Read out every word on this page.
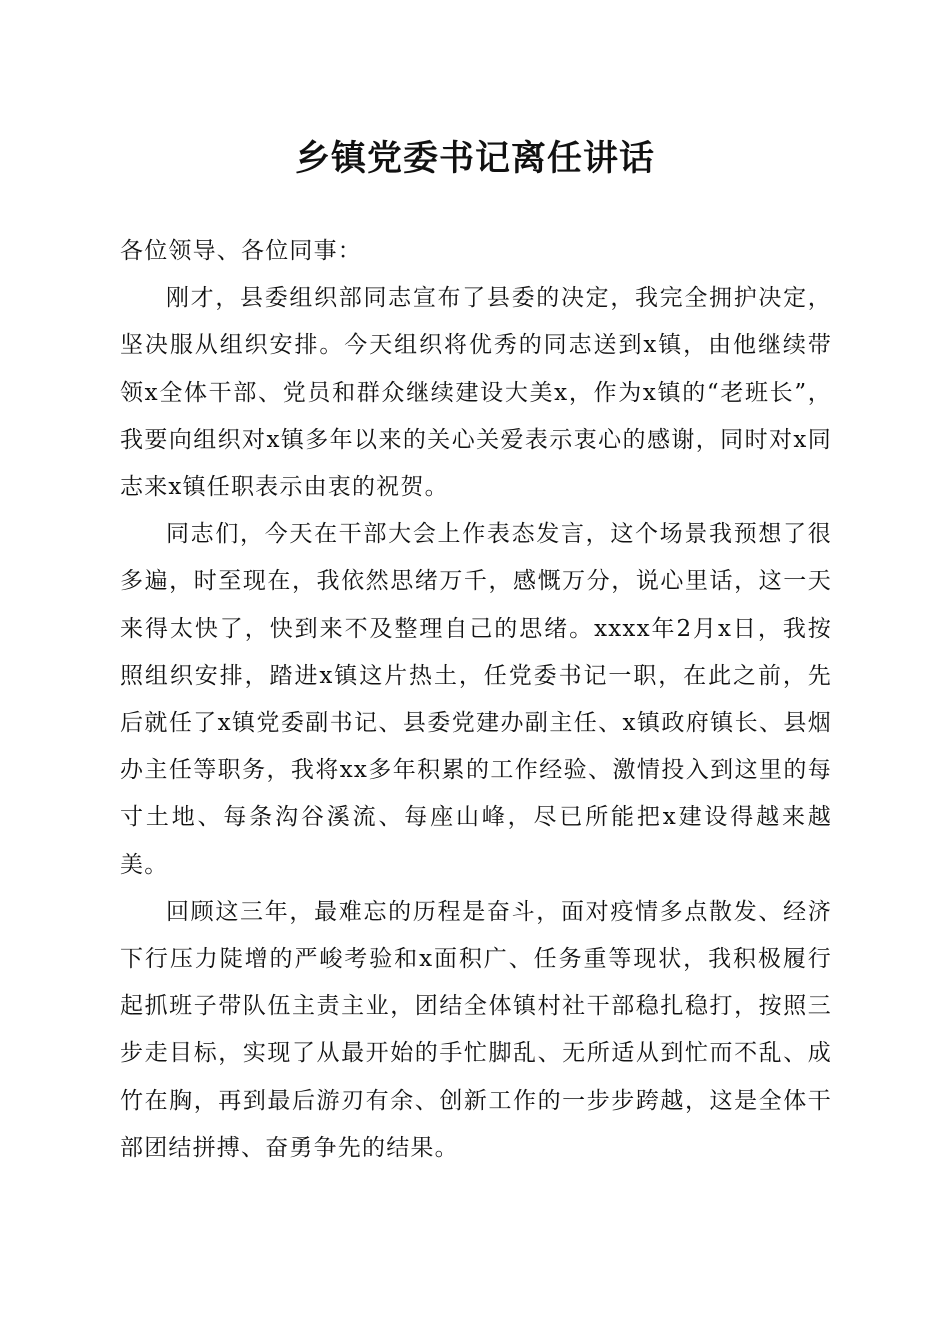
乡镇党委书记离任讲话

各位领导、各位同事：

刚才，县委组织部同志宣布了县委的决定，我完全拥护决定，坚决服从组织安排。今天组织将优秀的同志送到x镇，由他继续带领x全体干部、党员和群众继续建设大美x，作为x镇的“老班长”，我要向组织对x镇多年以来的关心关爱表示衷心的感谢，同时对x同志来x镇任职表示由衷的祝贺。

同志们，今天在干部大会上作表态发言，这个场景我预想了很多遍，时至现在，我依然思绪万千，感慨万分，说心里话，这一天来得太快了，快到来不及整理自己的思绪。xxxx年2月x日，我按照组织安排，踏进x镇这片热土，任党委书记一职，在此之前，先后就任了x镇党委副书记、县委党建办副主任、x镇政府镇长、县烟办主任等职务，我将xx多年积累的工作经验、激情投入到这里的每寸土地、每条沟谷溪流、每座山峰，尽已所能把x建设得越来越美。

回顾这三年，最难忘的历程是奋斗，面对疫情多点散发、经济下行压力陡增的严峻考验和x面积广、任务重等现状，我积极履行起抓班子带队伍主责主业，团结全体镇村社干部稳扎稳打，按照三步走目标，实现了从最开始的手忙脚乱、无所适从到忙而不乱、成竹在胸，再到最后游刃有余、创新工作的一步步跨越，这是全体干部团结拼搏、奋勇争先的结果。
